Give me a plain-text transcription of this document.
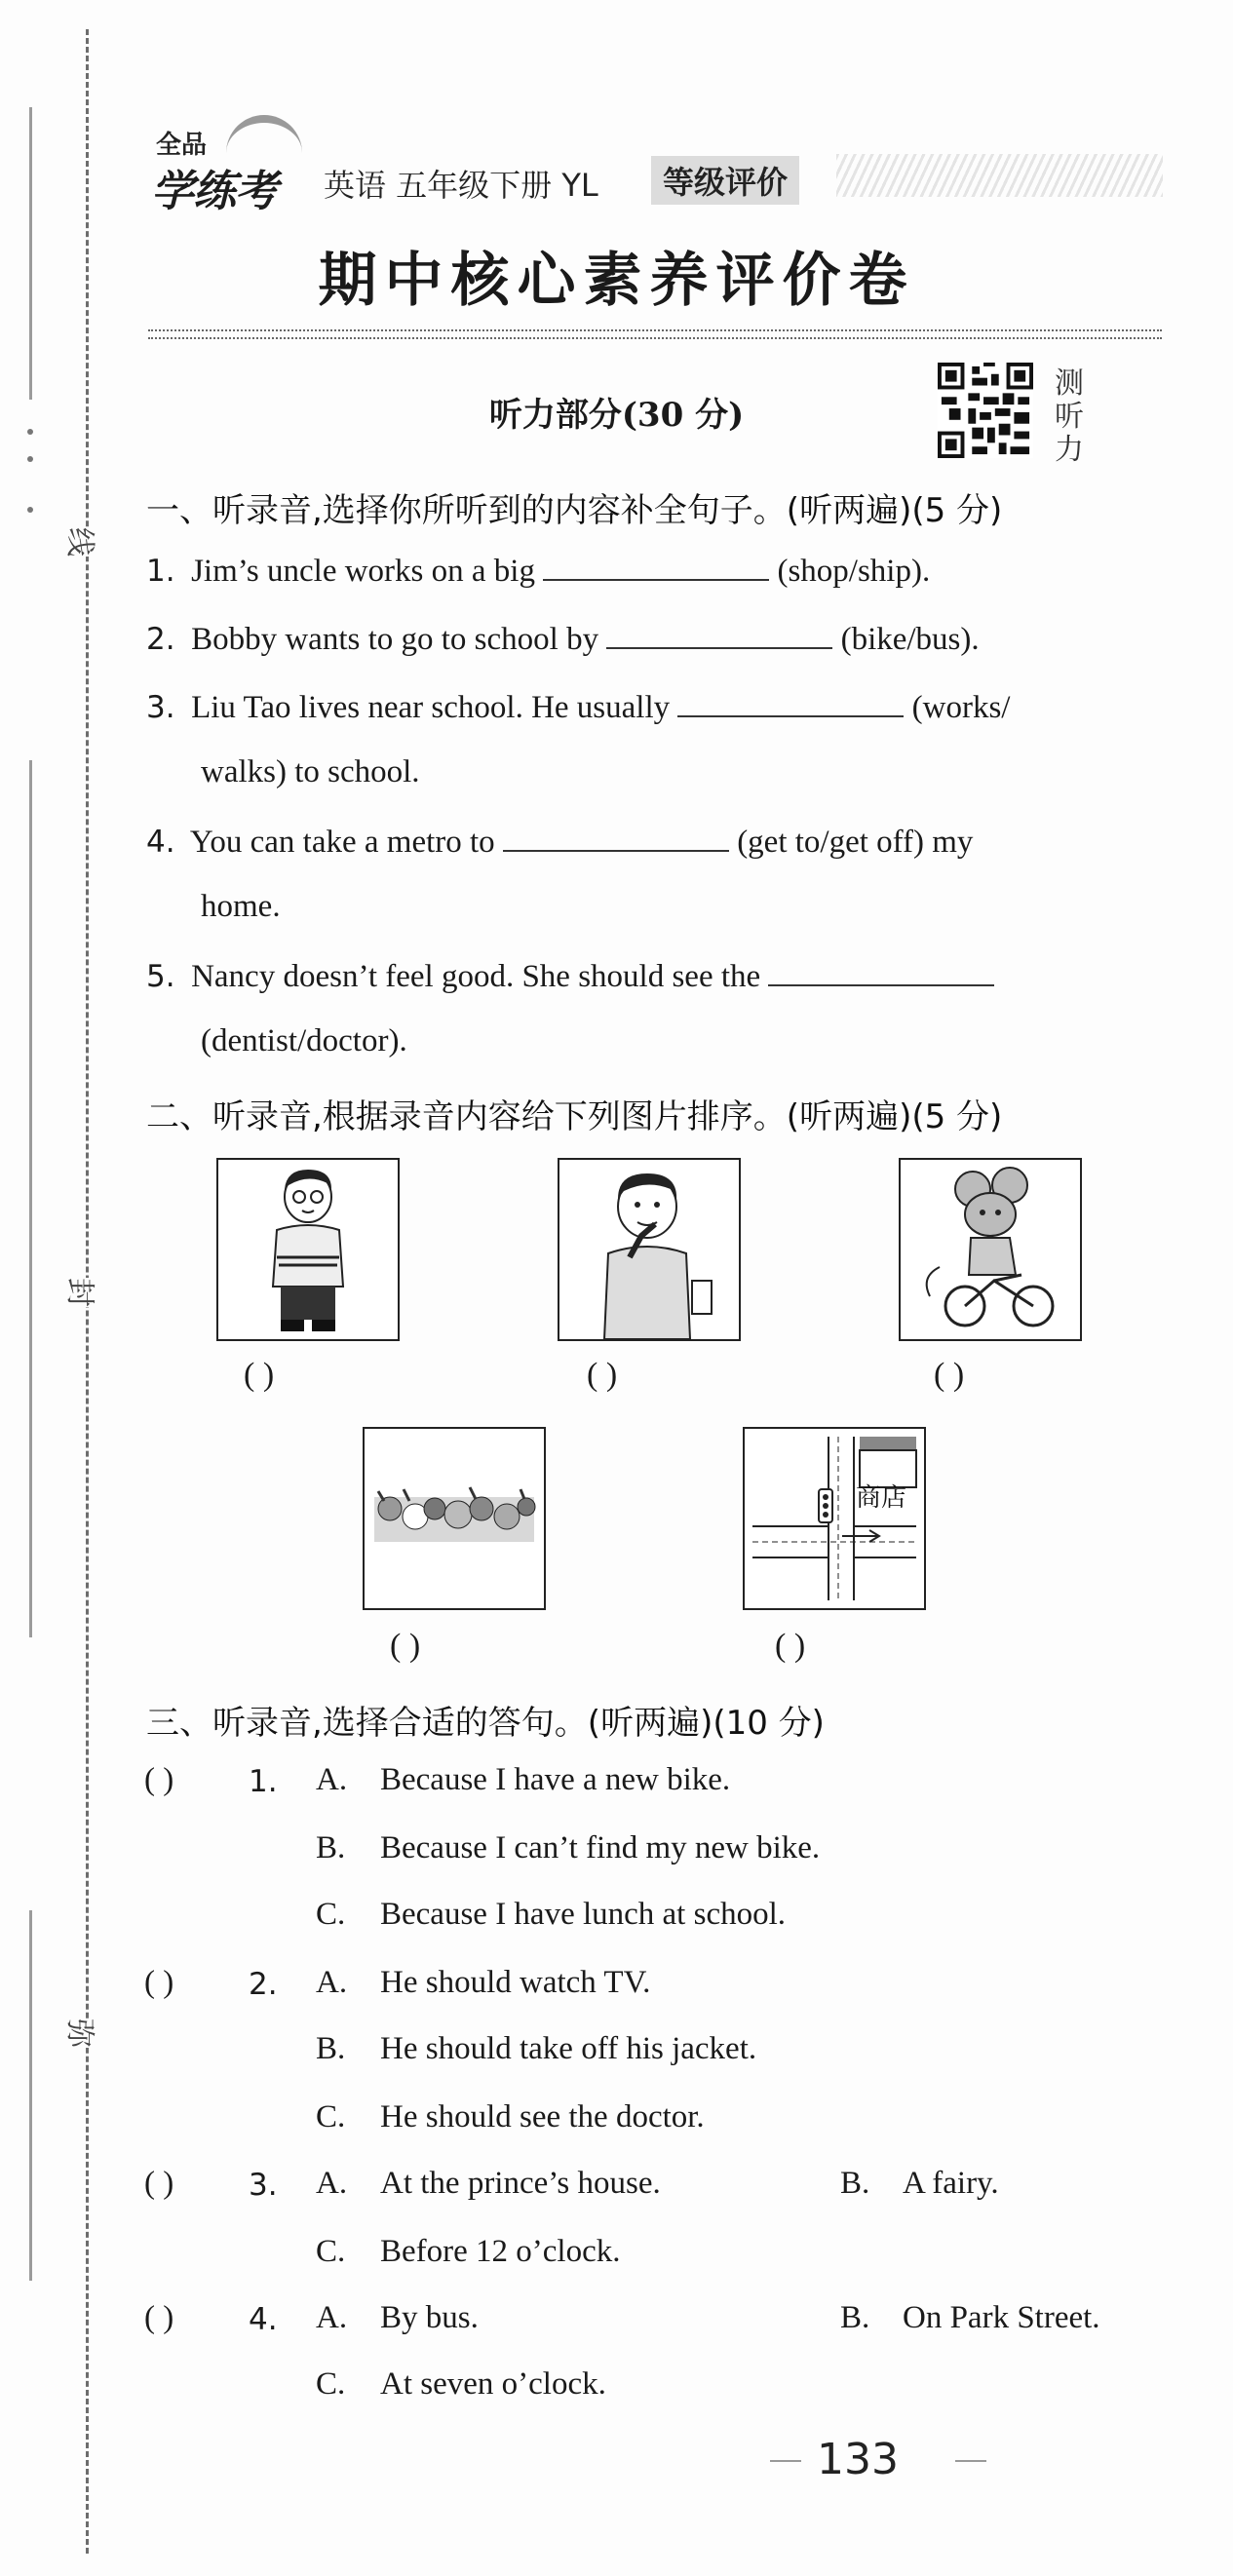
线
封
弥
全品
学练考 英语 五年级下册 YL	等级评价
期中核心素养评价卷
听力部分(30 分)
测
听
力
一、听录音,选择你所听到的内容补全句子。(听两遍)(5 分)
1. Jim’s uncle works on a big	(shop/ship).
2. Bobby wants to go to school by	(bike/bus).
3. Liu Tao lives near school. He usually	(works/
walks) to school.
4. You can take a metro to	(get to/get off) my
home.
5. Nancy doesn’t feel good. She should see the
(dentist/doctor).
二、听录音,根据录音内容给下列图片排序。(听两遍)(5 分)
( )	( )	( )
商店
( )	( )
三、听录音,选择合适的答句。(听两遍)(10 分)
( ) 1. A. Because I have a new bike.
B. Because I can’t find my new bike.
C. Because I have lunch at school.
( ) 2. A. He should watch TV.
B. He should take off his jacket.
C. He should see the doctor.
( ) 3. A. At the prince’s house.	B. A fairy.
C. Before 12 o’clock.
( ) 4. A. By bus.	B. On Park Street.
C. At seven o’clock.
133
